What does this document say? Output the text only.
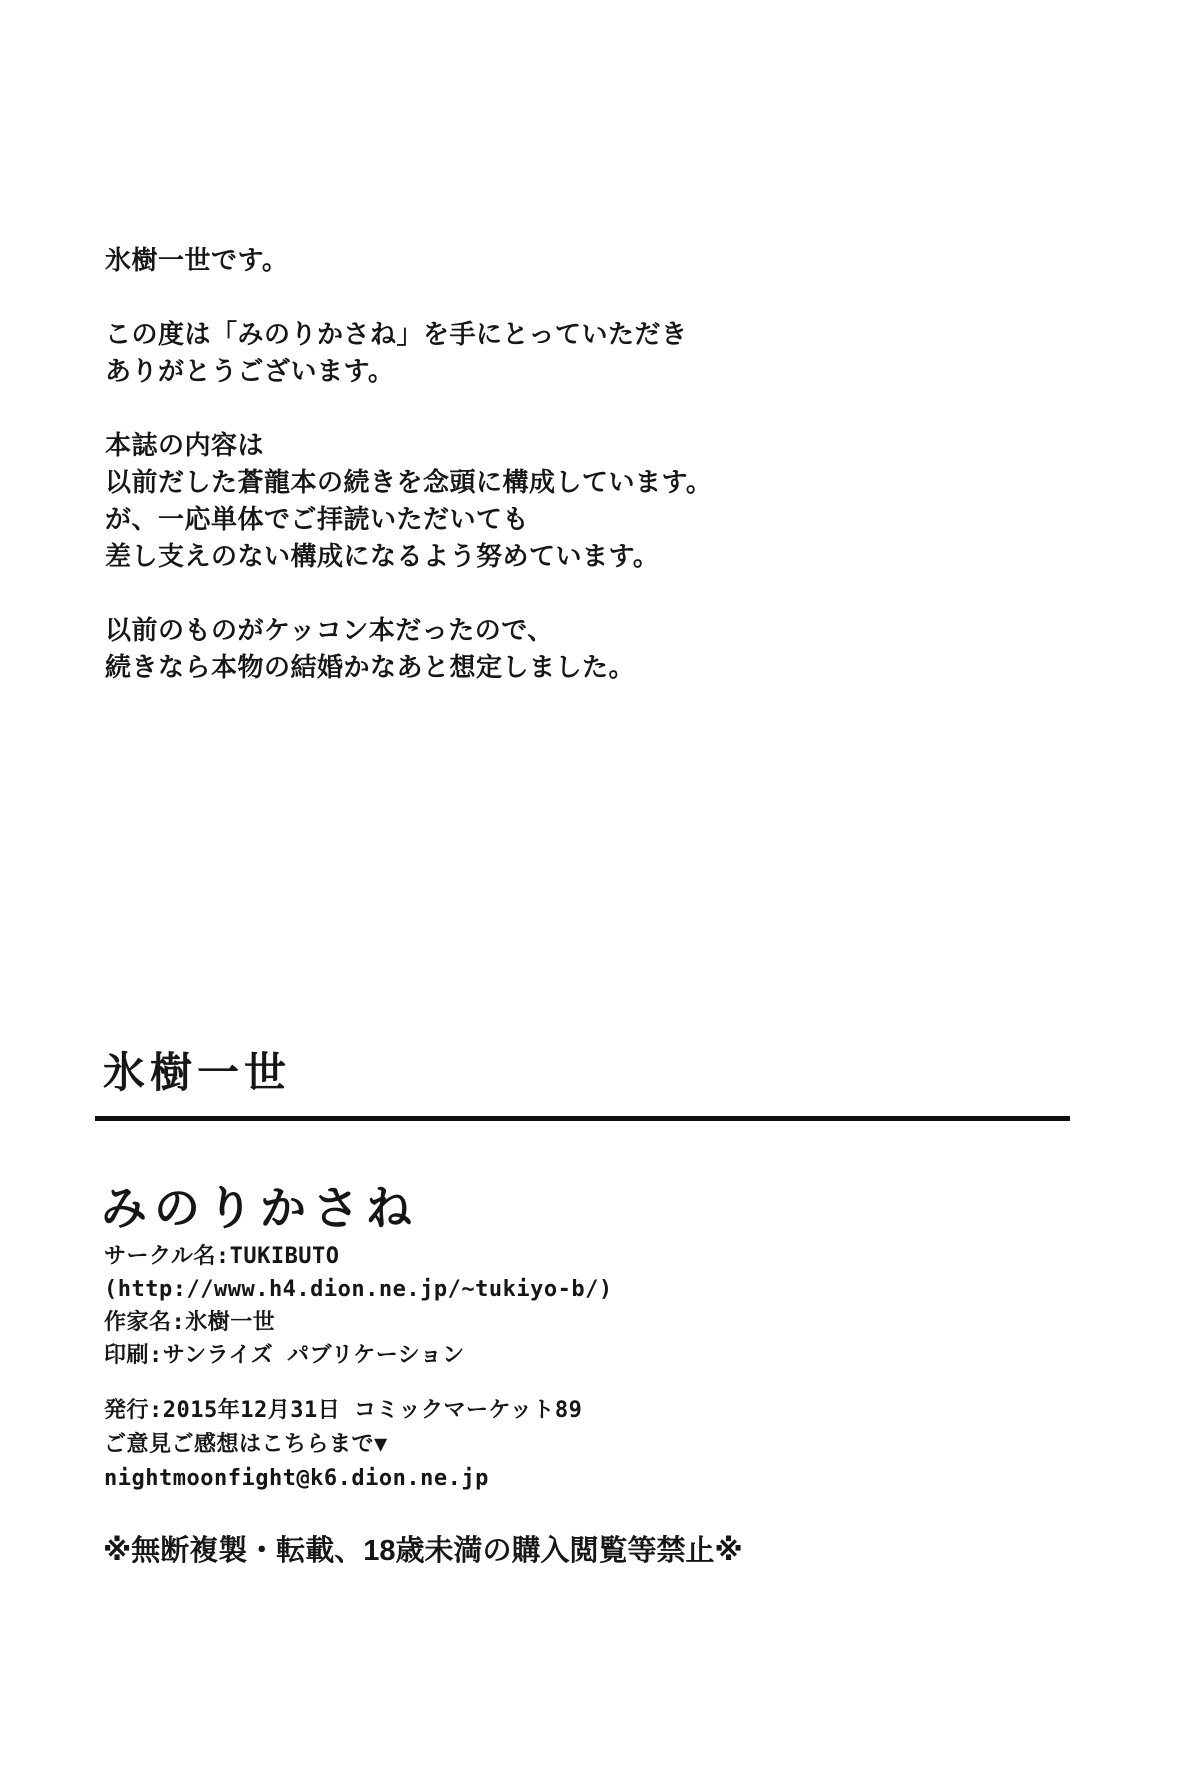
氷樹一世です。

この度は「みのりかさね」を手にとっていただき
ありがとうございます。

本誌の内容は
以前だした蒼龍本の続きを念頭に構成しています。
が、一応単体でご拝読いただいても
差し支えのない構成になるよう努めています。

以前のものがケッコン本だったので、
続きなら本物の結婚かなあと想定しました。

氷樹一世
みのりかさね
サークル名:TUKIBUTO
(http://www.h4.dion.ne.jp/~tukiyo-b/)
作家名:氷樹一世
印刷:サンライズ パブリケーション
発行:2015年12月31日 コミックマーケット89
ご意見ご感想はこちらまで▼
nightmoonfight@k6.dion.ne.jp
※無断複製・転載、18歳未満の購入閲覧等禁止※
